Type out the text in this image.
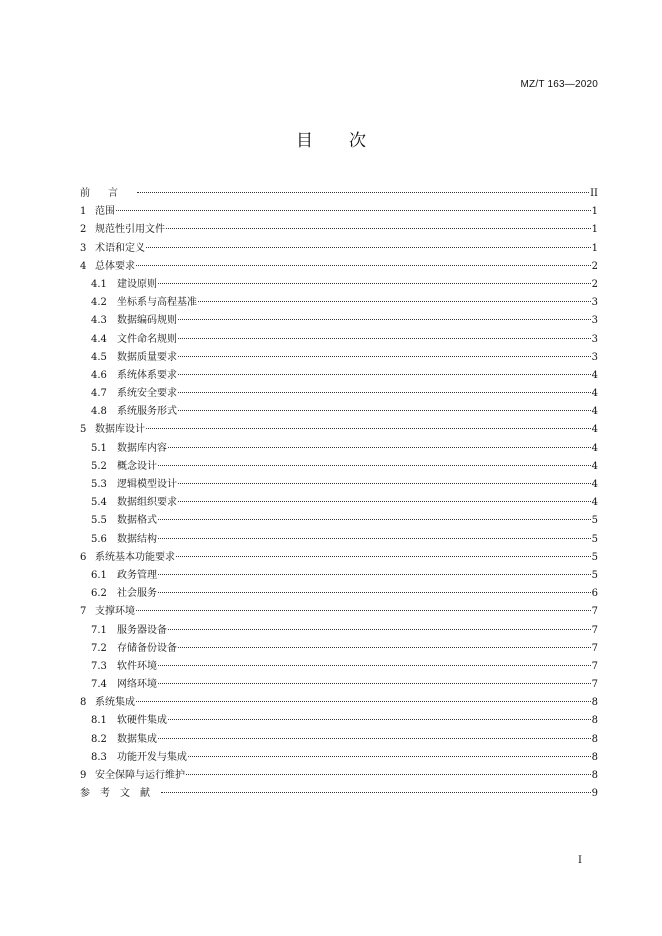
MZ/T 163—2020
目次
前言	II
1 范围	1
2 规范性引用文件	1
3 术语和定义	1
4 总体要求	2
4.1	建设原则	2
4.2	坐标系与高程基准	3
4.3	数据编码规则	3
4.4	文件命名规则	3
4.5	数据质量要求	3
4.6	系统体系要求	4
4.7	系统安全要求	4
4.8	系统服务形式	4
5 数据库设计	4
5.1	数据库内容	4
5.2	概念设计	4
5.3	逻辑模型设计	4
5.4	数据组织要求	4
5.5	数据格式	5
5.6	数据结构	5
6 系统基本功能要求	5
6.1	政务管理	5
6.2	社会服务	6
7 支撑环境	7
7.1	服务器设备	7
7.2	存储备份设备	7
7.3	软件环境	7
7.4	网络环境	7
8 系统集成	8
8.1	软硬件集成	8
8.2	数据集成	8
8.3	功能开发与集成	8
9 安全保障与运行维护	8
参考文献	9
I
